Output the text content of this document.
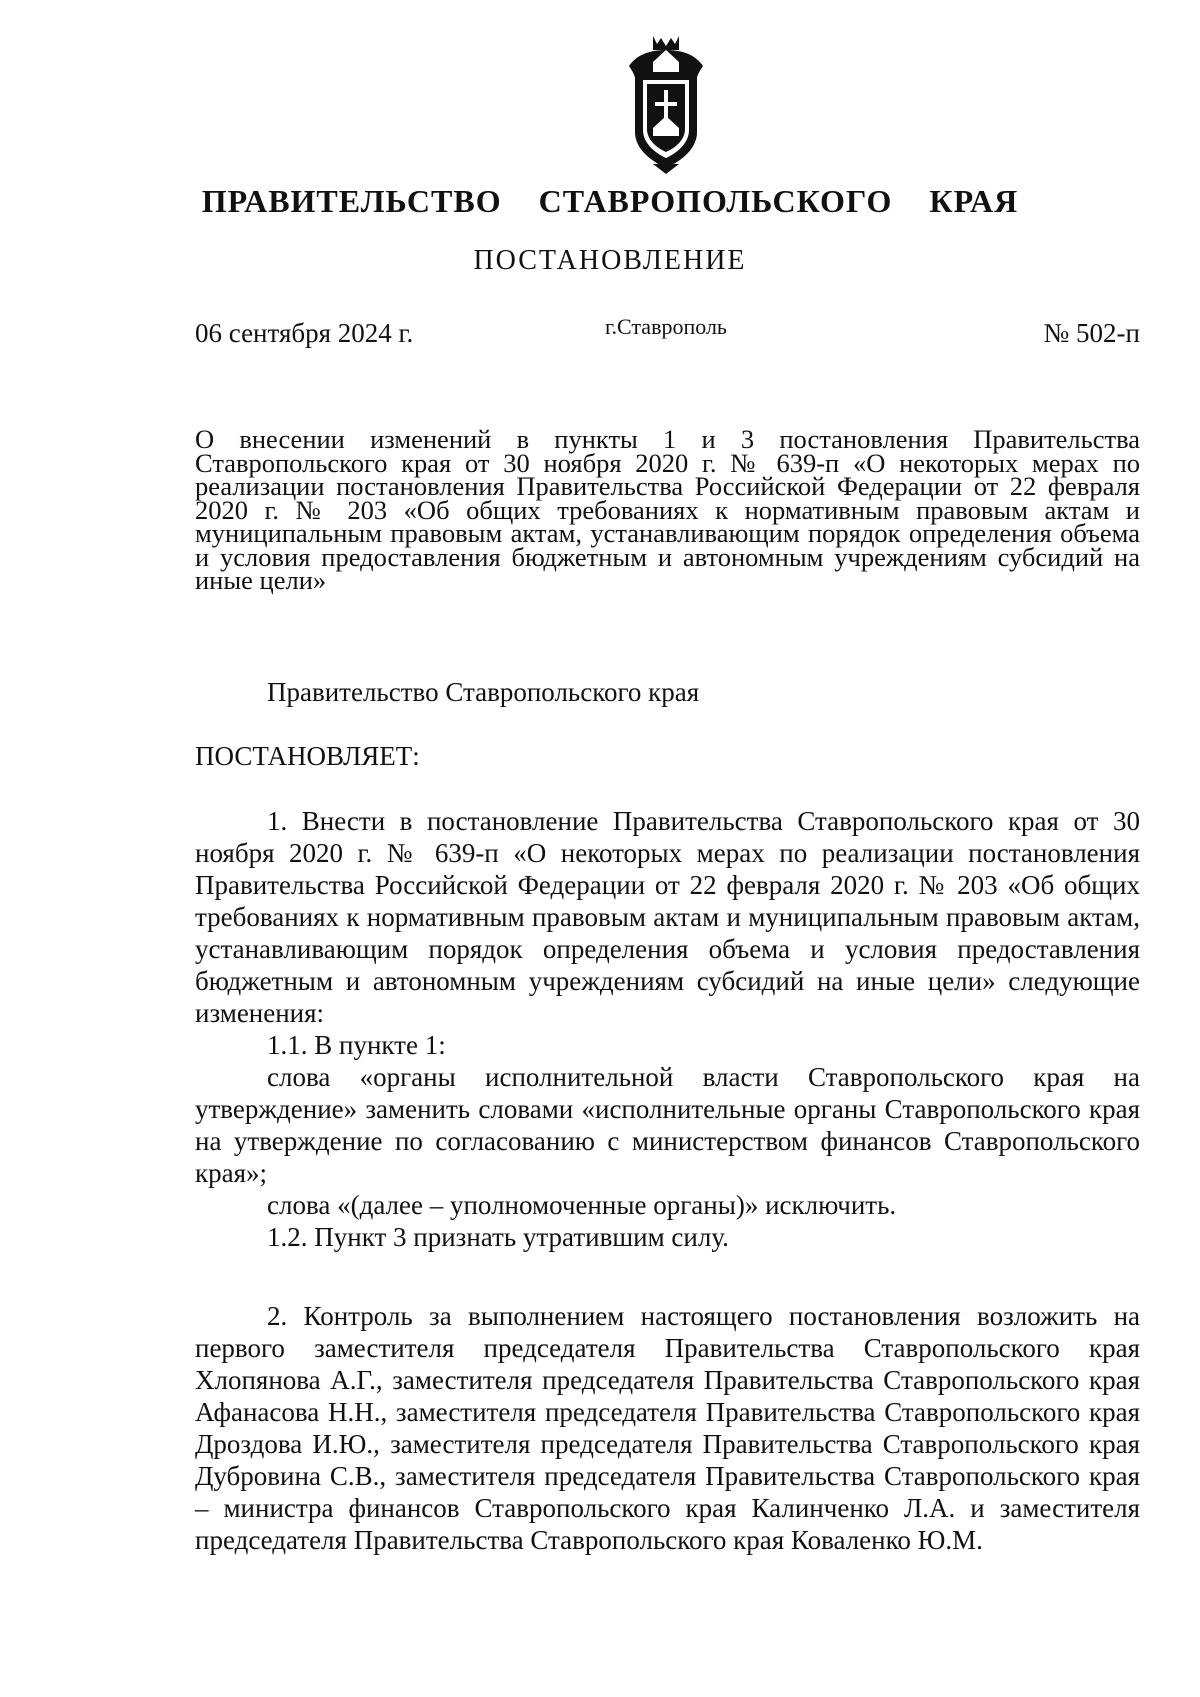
ПРАВИТЕЛЬСТВО СТАВРОПОЛЬСКОГО КРАЯ
ПОСТАНОВЛЕНИЕ
06 сентября 2024 г.	г.Ставрополь	№ 502-п
О внесении изменений в пункты 1 и 3 постановления Правительства Ставропольского края от 30 ноября 2020 г. № 639-п «О некоторых мерах по реализации постановления Правительства Российской Федерации от 22 февраля 2020 г. № 203 «Об общих требованиях к нормативным правовым актам и муниципальным правовым актам, устанавливающим порядок определения объема и условия предоставления бюджетным и автономным учреждениям субсидий на иные цели»

Правительство Ставропольского края

ПОСТАНОВЛЯЕТ:

1. Внести в постановление Правительства Ставропольского края от 30 ноября 2020 г. № 639-п «О некоторых мерах по реализации постановления Правительства Российской Федерации от 22 февраля 2020 г. № 203 «Об общих требованиях к нормативным правовым актам и муниципальным правовым актам, устанавливающим порядок определения объема и условия предоставления бюджетным и автономным учреждениям субсидий на иные цели» следующие изменения:

1.1. В пункте 1:

слова «органы исполнительной власти Ставропольского края на утверждение» заменить словами «исполнительные органы Ставропольского края на утверждение по согласованию с министерством финансов Ставропольского края»;

слова «(далее – уполномоченные органы)» исключить.

1.2. Пункт 3 признать утратившим силу.

2. Контроль за выполнением настоящего постановления возложить на первого заместителя председателя Правительства Ставропольского края Хлопянова А.Г., заместителя председателя Правительства Ставропольского края Афанасова Н.Н., заместителя председателя Правительства Ставропольского края Дроздова И.Ю., заместителя председателя Правительства Ставропольского края Дубровина С.В., заместителя председателя Правительства Ставропольского края – министра финансов Ставропольского края Калинченко Л.А. и заместителя председателя Правительства Ставропольского края Коваленко Ю.М.
